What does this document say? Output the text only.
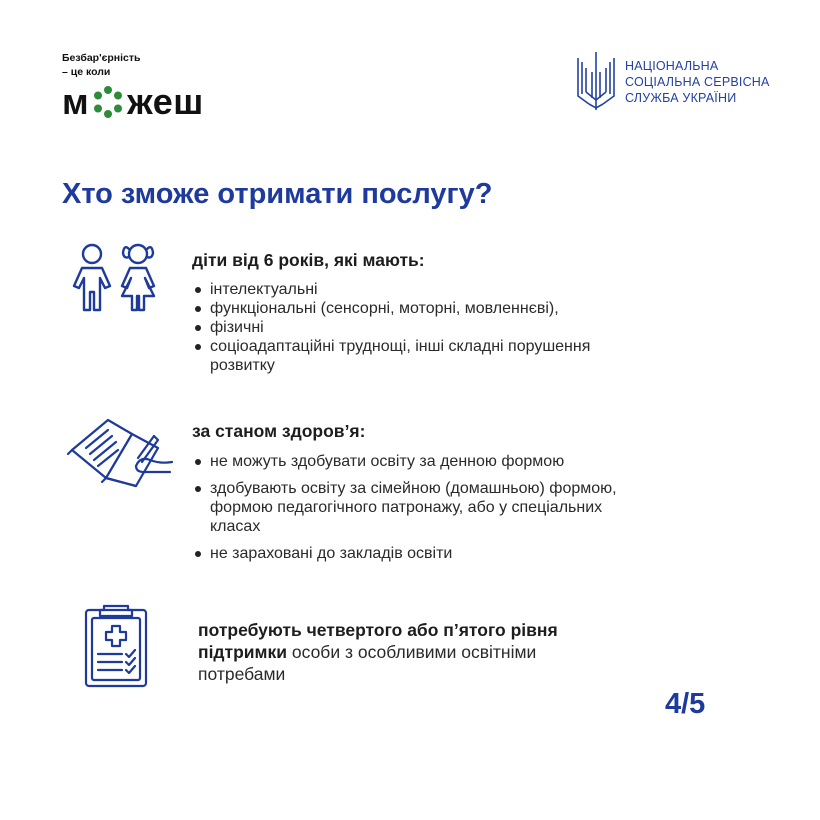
Безбар'єрність
– це коли
м жеш
НАЦІОНАЛЬНА
СОЦІАЛЬНА СЕРВІСНА
СЛУЖБА УКРАЇНИ
Хто зможе отримати послугу?
діти від 6 років, які мають:
інтелектуальні
функціональні (сенсорні, моторні, мовленнєві),
фізичні
соціоадаптаційні труднощі, інші складні порушення розвитку
за станом здоров’я:
не можуть здобувати освіту за денною формою
здобувають освіту за сімейною (домашньою) формою, формою педагогічного патронажу, або у спеціальних класах
не зараховані до закладів освіти
потребують четвертого або п’ятого рівня підтримки особи з особливими освітніми потребами
4/5
